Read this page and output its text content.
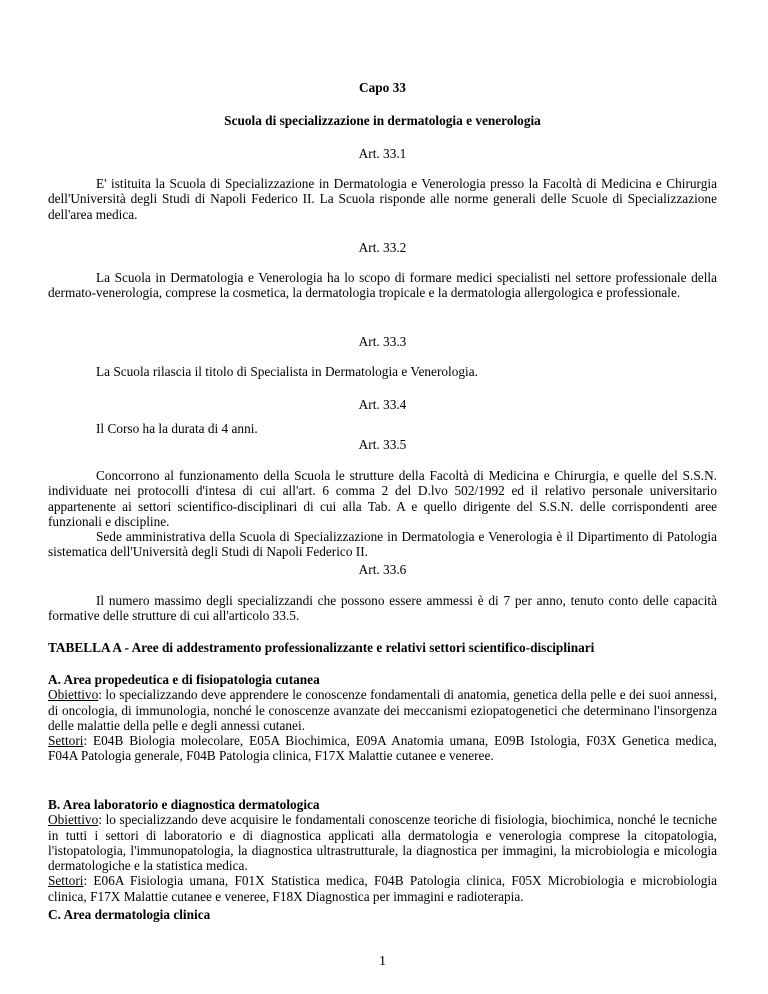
Capo 33
Scuola di specializzazione in dermatologia e venerologia
Art. 33.1

E' istituita la Scuola di Specializzazione in Dermatologia e Venerologia presso la Facoltà di Medicina e Chirurgia dell'Università degli Studi di Napoli Federico II. La Scuola risponde alle norme generali delle Scuole di Specializzazione dell'area medica.

Art. 33.2

La Scuola in Dermatologia e Venerologia ha lo scopo di formare medici specialisti nel settore professionale della dermato-venerologia, comprese la cosmetica, la dermatologia tropicale e la dermatologia allergologica e professionale.

Art. 33.3

La Scuola rilascia il titolo di Specialista in Dermatologia e Venerologia.

Art. 33.4

Il Corso ha la durata di 4 anni.

Art. 33.5

Concorrono al funzionamento della Scuola le strutture della Facoltà di Medicina e Chirurgia, e quelle del S.S.N. individuate nei protocolli d'intesa di cui all'art. 6 comma 2 del D.lvo 502/1992 ed il relativo personale universitario appartenente ai settori scientifico-disciplinari di cui alla Tab. A e quello dirigente del S.S.N. delle corrispondenti aree funzionali e discipline.

Sede amministrativa della Scuola di Specializzazione in Dermatologia e Venerologia è il Dipartimento di Patologia sistematica dell'Università degli Studi di Napoli Federico II.

Art. 33.6

Il numero massimo degli specializzandi che possono essere ammessi è di 7 per anno, tenuto conto delle capacità formative delle strutture di cui all'articolo 33.5.

TABELLA A - Aree di addestramento professionalizzante e relativi settori scientifico-disciplinari
A. Area propedeutica e di fisiopatologia cutanea

Obiettivo: lo specializzando deve apprendere le conoscenze fondamentali di anatomia, genetica della pelle e dei suoi annessi, di oncologia, di immunologia, nonché le conoscenze avanzate dei meccanismi eziopatogenetici che determinano l'insorgenza delle malattie della pelle e degli annessi cutanei.

Settori: E04B Biologia molecolare, E05A Biochimica, E09A Anatomia umana, E09B Istologia, F03X Genetica medica, F04A Patologia generale, F04B Patologia clinica, F17X Malattie cutanee e veneree.

B. Area laboratorio e diagnostica dermatologica

Obiettivo: lo specializzando deve acquisire le fondamentali conoscenze teoriche di fisiologia, biochimica, nonché le tecniche in tutti i settori di laboratorio e di diagnostica applicati alla dermatologia e venerologia comprese la citopatologia, l'istopatologia, l'immunopatologia, la diagnostica ultrastrutturale, la diagnostica per immagini, la microbiologia e micologia dermatologiche e la statistica medica.

Settori: E06A Fisiologia umana, F01X Statistica medica, F04B Patologia clinica, F05X Microbiologia e microbiologia clinica, F17X Malattie cutanee e veneree, F18X Diagnostica per immagini e radioterapia.

C. Area dermatologia clinica
1
